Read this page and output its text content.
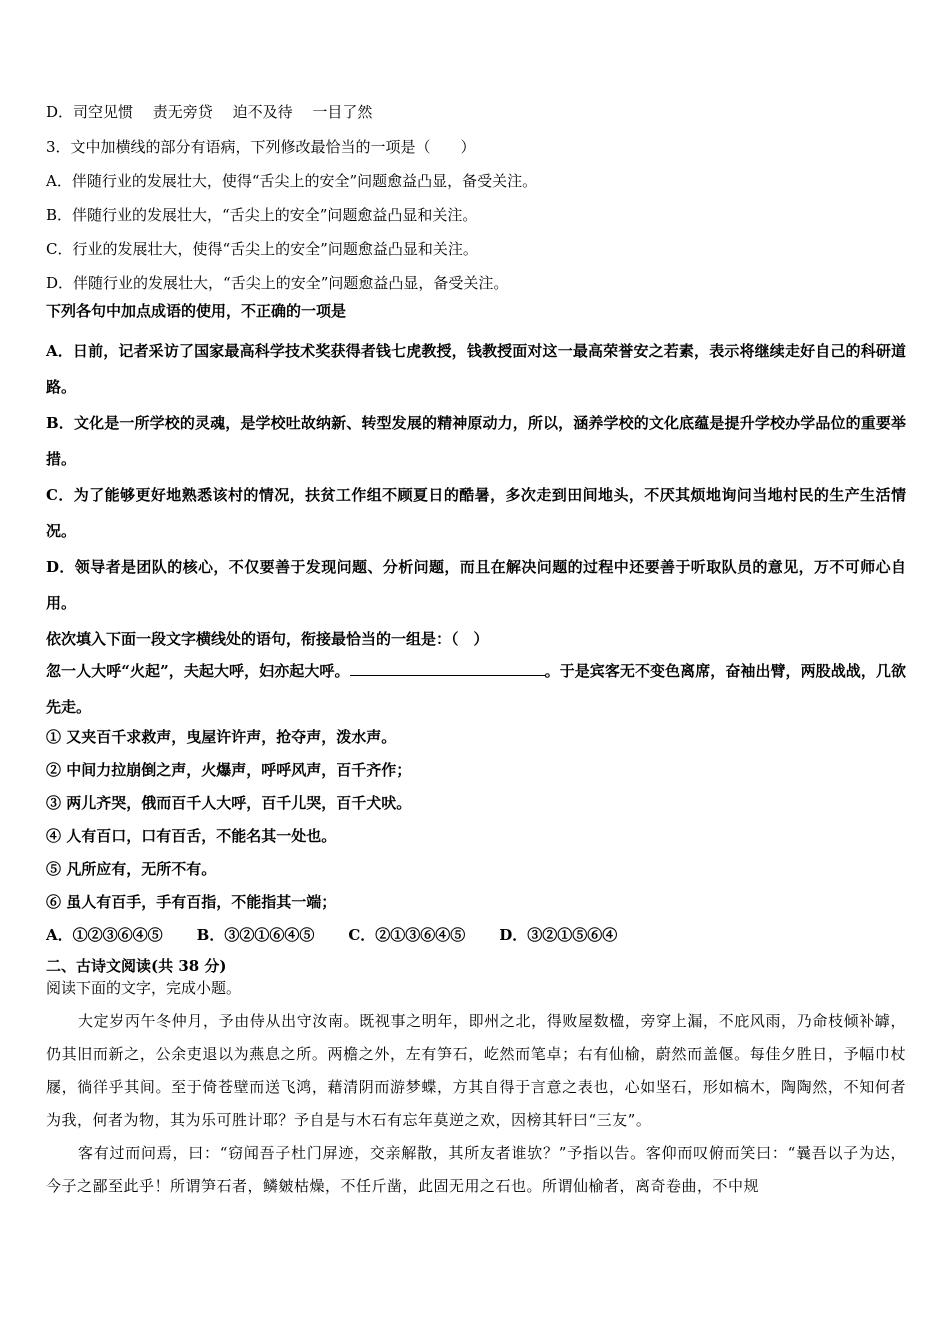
D．司空见惯　 责无旁贷　 迫不及待　 一目了然

3．文中加横线的部分有语病，下列修改最恰当的一项是（　　）

A．伴随行业的发展壮大，使得“舌尖上的安全”问题愈益凸显，备受关注。

B．伴随行业的发展壮大，“舌尖上的安全”问题愈益凸显和关注。

C．行业的发展壮大，使得“舌尖上的安全”问题愈益凸显和关注。

D．伴随行业的发展壮大，“舌尖上的安全”问题愈益凸显，备受关注。

下列各句中加点成语的使用，不正确的一项是

A．日前，记者采访了国家最高科学技术奖获得者钱七虎教授，钱教授面对这一最高荣誉安之若素，表示将继续走好自己的科研道路。

B．文化是一所学校的灵魂，是学校吐故纳新、转型发展的精神原动力，所以，涵养学校的文化底蕴是提升学校办学品位的重要举措。

C．为了能够更好地熟悉该村的情况，扶贫工作组不顾夏日的酷暑，多次走到田间地头，不厌其烦地询问当地村民的生产生活情况。

D．领导者是团队的核心，不仅要善于发现问题、分析问题，而且在解决问题的过程中还要善于听取队员的意见，万不可师心自用。

依次填入下面一段文字横线处的语句，衔接最恰当的一组是：（　）

忽一人大呼“火起”，夫起大呼，妇亦起大呼。	。于是宾客无不变色离席，奋袖出臂，两股战战，几欲先走。

① 又夹百千求救声，曳屋许许声，抢夺声，泼水声。

② 中间力拉崩倒之声，火爆声，呼呼风声，百千齐作；

③ 两儿齐哭，俄而百千人大呼，百千儿哭，百千犬吠。

④ 人有百口，口有百舌，不能名其一处也。

⑤ 凡所应有，无所不有。

⑥ 虽人有百手，手有百指，不能指其一端；

A．①②③⑥④⑤ B．③②①⑥④⑤ C．②①③⑥④⑤ D．③②①⑤⑥④

二、古诗文阅读(共 38 分)

阅读下面的文字，完成小题。

大定岁丙午冬仲月，予由侍从出守汝南。既视事之明年，即州之北，得败屋数楹，旁穿上漏，不庇风雨，乃命枝倾补罅，仍其旧而新之，公余吏退以为燕息之所。两檐之外，左有笋石，屹然而笔卓；右有仙榆，蔚然而盖偃。每佳夕胜日，予幅巾杖屦，徜徉乎其间。至于倚苍壁而送飞鸿，藉清阴而游梦蝶，方其自得于言意之表也，心如坚石，形如槁木，陶陶然，不知何者为我，何者为物，其为乐可胜计耶？予自是与木石有忘年莫逆之欢，因榜其轩曰“三友”。

客有过而问焉，曰：“窃闻吾子杜门屏迹，交亲解散，其所友者谁欤？”予指以告。客仰而叹俯而笑曰：“曩吾以子为达，今子之鄙至此乎！所谓笋石者，鳞皴枯燥，不任斤凿，此固无用之石也。所谓仙榆者，离奇卷曲，不中规
